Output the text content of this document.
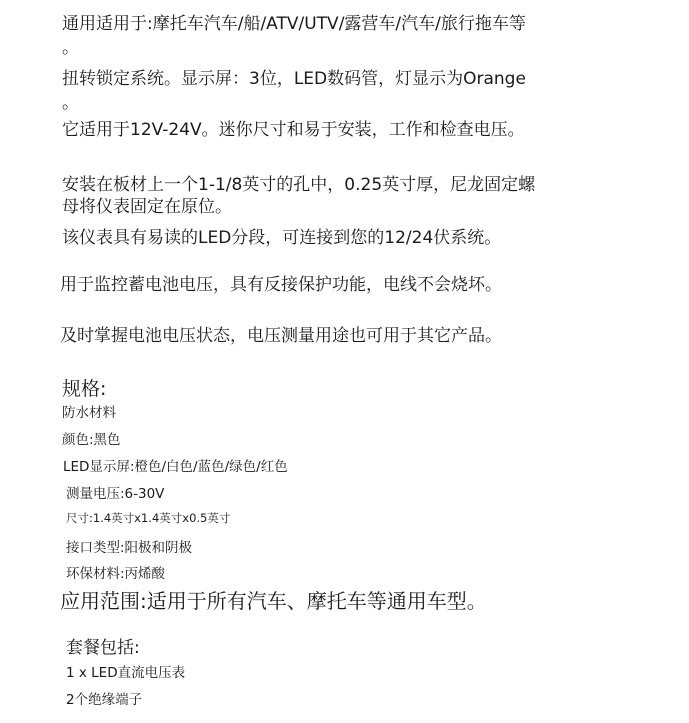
通用适用于:摩托车汽车/船/ATV/UTV/露营车/汽车/旅行拖车等

。

扭转锁定系统。显示屏：3位，LED数码管，灯显示为Orange

。

它适用于12V-24V。迷你尺寸和易于安装，工作和检查电压。

安装在板材上一个1-1/8英寸的孔中，0.25英寸厚，尼龙固定螺

母将仪表固定在原位。

该仪表具有易读的LED分段，可连接到您的12/24伏系统。

用于监控蓄电池电压，具有反接保护功能，电线不会烧坏。

及时掌握电池电压状态，电压测量用途也可用于其它产品。

规格:

防水材料

颜色:黑色

LED显示屏:橙色/白色/蓝色/绿色/红色

测量电压:6-30V

尺寸:1.4英寸x1.4英寸x0.5英寸

接口类型:阳极和阴极

环保材料:丙烯酸

应用范围:适用于所有汽车、摩托车等通用车型。
套餐包括:

1 x LED直流电压表

2个绝缘端子
